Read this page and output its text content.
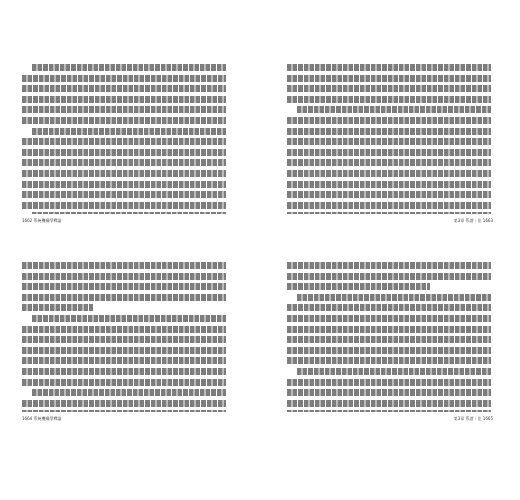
1662 系統機構學釋論	第3章 系譜｜佳 1663
1664 系統機構學釋論	第3章 系譜｜佳 1665
